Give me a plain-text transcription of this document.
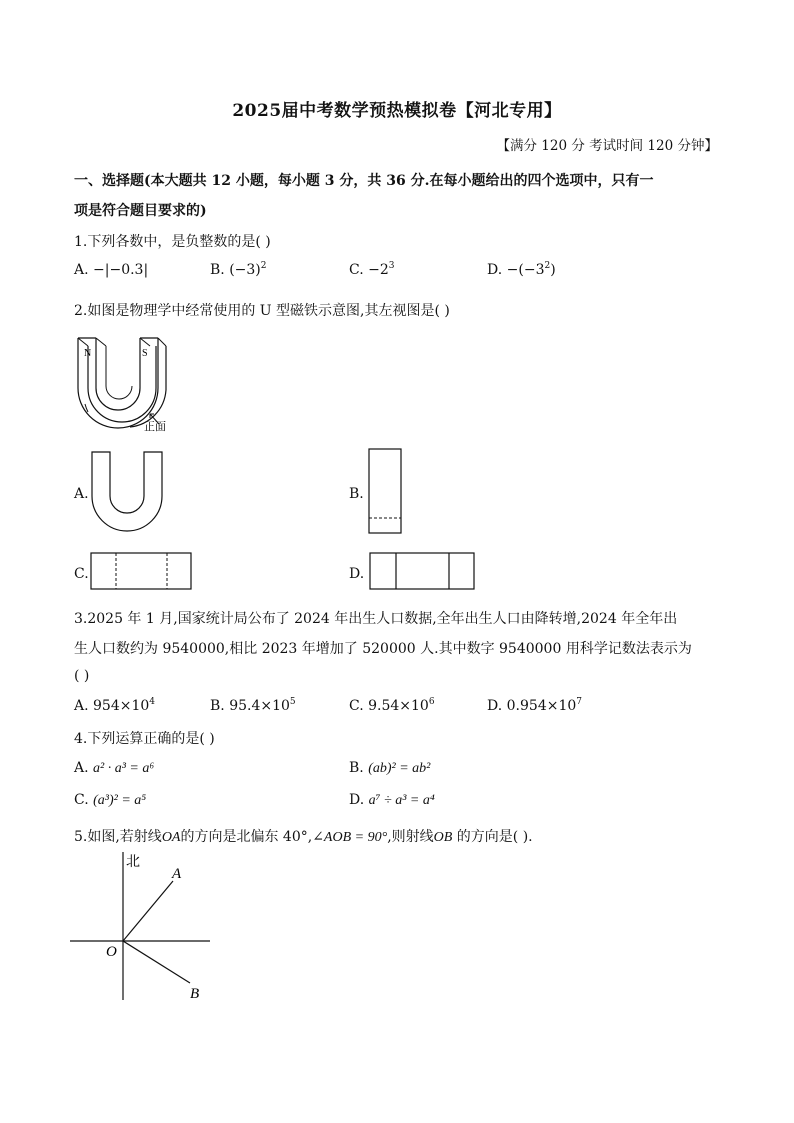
2025届中考数学预热模拟卷【河北专用】
【满分 120 分 考试时间 120 分钟】
一、选择题(本大题共 12 小题，每小题 3 分，共 36 分.在每小题给出的四个选项中，只有一
项是符合题目要求的)
1.下列各数中，是负整数的是( )
A. −|−0.3|	B. $(-3)^2$	C. $-2^3$	D. $-(-3^2)$
2.如图是物理学中经常使用的 U 型磁铁示意图,其左视图是( )
N	S
正面
A.	B.
C.	D.
3.2025 年 1 月,国家统计局公布了 2024 年出生人口数据,全年出生人口由降转增,2024 年全年出
生人口数约为 9540000,相比 2023 年增加了 520000 人.其中数字 9540000 用科学记数法表示为
( )
A. $954\times 10^4$	B. $95.4\times 10^5$	C. $9.54\times 10^6$	D. $0.954\times 10^7$
4.下列运算正确的是( )
A. a² · a³ = a⁶	B. (ab)² = ab²
C. (a³)² = a⁵	D. a⁷ ÷ a³ = a⁴
5.如图,若射线OA的方向是北偏东 40°,∠AOB = 90°,则射线OB 的方向是( ).
北
A
O
B
